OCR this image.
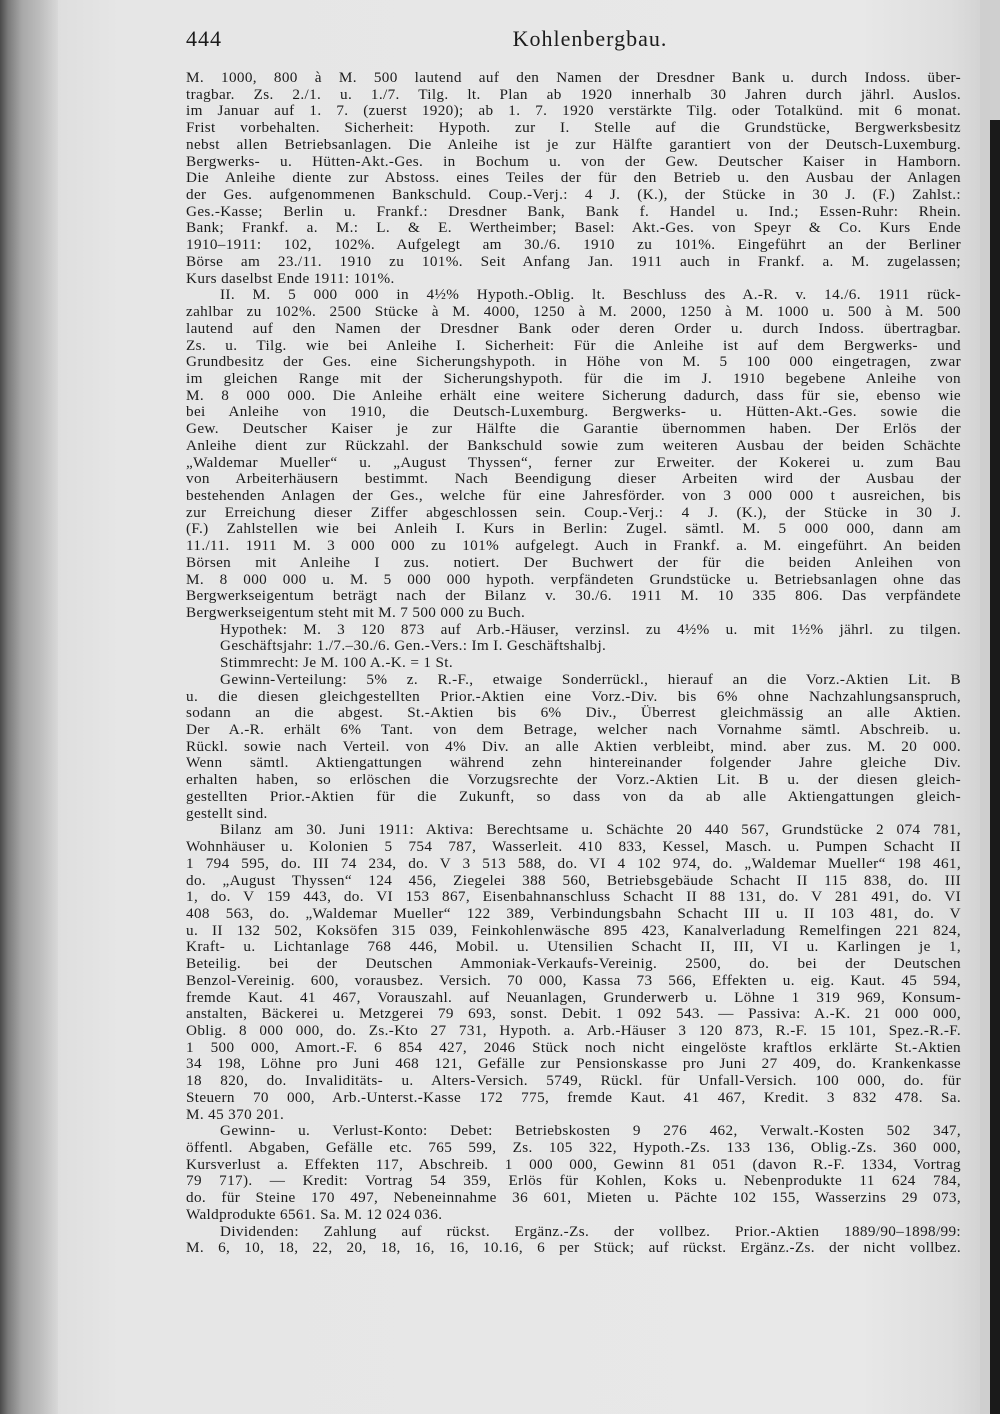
444	Kohlenbergbau.
M. 1000, 800 à M. 500 lautend auf den Namen der Dresdner Bank u. durch Indoss. über-
tragbar. Zs. 2./1. u. 1./7. Tilg. lt. Plan ab 1920 innerhalb 30 Jahren durch jährl. Auslos.
im Januar auf 1. 7. (zuerst 1920); ab 1. 7. 1920 verstärkte Tilg. oder Totalkünd. mit 6 monat.
Frist vorbehalten. Sicherheit: Hypoth. zur I. Stelle auf die Grundstücke, Bergwerksbesitz
nebst allen Betriebsanlagen. Die Anleihe ist je zur Hälfte garantiert von der Deutsch-Luxemburg.
Bergwerks- u. Hütten-Akt.-Ges. in Bochum u. von der Gew. Deutscher Kaiser in Hamborn.
Die Anleihe diente zur Abstoss. eines Teiles der für den Betrieb u. den Ausbau der Anlagen
der Ges. aufgenommenen Bankschuld. Coup.-Verj.: 4 J. (K.), der Stücke in 30 J. (F.) Zahlst.:
Ges.-Kasse; Berlin u. Frankf.: Dresdner Bank, Bank f. Handel u. Ind.; Essen-Ruhr: Rhein.
Bank; Frankf. a. M.: L. & E. Wertheimber; Basel: Akt.-Ges. von Speyr & Co. Kurs Ende
1910–1911: 102, 102%. Aufgelegt am 30./6. 1910 zu 101%. Eingeführt an der Berliner
Börse am 23./11. 1910 zu 101%. Seit Anfang Jan. 1911 auch in Frankf. a. M. zugelassen;
Kurs daselbst Ende 1911: 101%.
II. M. 5 000 000 in 4½% Hypoth.-Oblig. lt. Beschluss des A.-R. v. 14./6. 1911 rück-
zahlbar zu 102%. 2500 Stücke à M. 4000, 1250 à M. 2000, 1250 à M. 1000 u. 500 à M. 500
lautend auf den Namen der Dresdner Bank oder deren Order u. durch Indoss. übertragbar.
Zs. u. Tilg. wie bei Anleihe I. Sicherheit: Für die Anleihe ist auf dem Bergwerks- und
Grundbesitz der Ges. eine Sicherungshypoth. in Höhe von M. 5 100 000 eingetragen, zwar
im gleichen Range mit der Sicherungshypoth. für die im J. 1910 begebene Anleihe von
M. 8 000 000. Die Anleihe erhält eine weitere Sicherung dadurch, dass für sie, ebenso wie
bei Anleihe von 1910, die Deutsch-Luxemburg. Bergwerks- u. Hütten-Akt.-Ges. sowie die
Gew. Deutscher Kaiser je zur Hälfte die Garantie übernommen haben. Der Erlös der
Anleihe dient zur Rückzahl. der Bankschuld sowie zum weiteren Ausbau der beiden Schächte
„Waldemar Mueller“ u. „August Thyssen“, ferner zur Erweiter. der Kokerei u. zum Bau
von Arbeiterhäusern bestimmt. Nach Beendigung dieser Arbeiten wird der Ausbau der
bestehenden Anlagen der Ges., welche für eine Jahresförder. von 3 000 000 t ausreichen, bis
zur Erreichung dieser Ziffer abgeschlossen sein. Coup.-Verj.: 4 J. (K.), der Stücke in 30 J.
(F.) Zahlstellen wie bei Anleih I. Kurs in Berlin: Zugel. sämtl. M. 5 000 000, dann am
11./11. 1911 M. 3 000 000 zu 101% aufgelegt. Auch in Frankf. a. M. eingeführt. An beiden
Börsen mit Anleihe I zus. notiert. Der Buchwert der für die beiden Anleihen von
M. 8 000 000 u. M. 5 000 000 hypoth. verpfändeten Grundstücke u. Betriebsanlagen ohne das
Bergwerkseigentum beträgt nach der Bilanz v. 30./6. 1911 M. 10 335 806. Das verpfändete
Bergwerkseigentum steht mit M. 7 500 000 zu Buch.
Hypothek: M. 3 120 873 auf Arb.-Häuser, verzinsl. zu 4½% u. mit 1½% jährl. zu tilgen.
Geschäftsjahr: 1./7.–30./6. Gen.-Vers.: Im I. Geschäftshalbj.
Stimmrecht: Je M. 100 A.-K. = 1 St.
Gewinn-Verteilung: 5% z. R.-F., etwaige Sonderrückl., hierauf an die Vorz.-Aktien Lit. B
u. die diesen gleichgestellten Prior.-Aktien eine Vorz.-Div. bis 6% ohne Nachzahlungsanspruch,
sodann an die abgest. St.-Aktien bis 6% Div., Überrest gleichmässig an alle Aktien.
Der A.-R. erhält 6% Tant. von dem Betrage, welcher nach Vornahme sämtl. Abschreib. u.
Rückl. sowie nach Verteil. von 4% Div. an alle Aktien verbleibt, mind. aber zus. M. 20 000.
Wenn sämtl. Aktiengattungen während zehn hintereinander folgender Jahre gleiche Div.
erhalten haben, so erlöschen die Vorzugsrechte der Vorz.-Aktien Lit. B u. der diesen gleich-
gestellten Prior.-Aktien für die Zukunft, so dass von da ab alle Aktiengattungen gleich-
gestellt sind.
Bilanz am 30. Juni 1911: Aktiva: Berechtsame u. Schächte 20 440 567, Grundstücke 2 074 781,
Wohnhäuser u. Kolonien 5 754 787, Wasserleit. 410 833, Kessel, Masch. u. Pumpen Schacht II
1 794 595, do. III 74 234, do. V 3 513 588, do. VI 4 102 974, do. „Waldemar Mueller“ 198 461,
do. „August Thyssen“ 124 456, Ziegelei 388 560, Betriebsgebäude Schacht II 115 838, do. III
1, do. V 159 443, do. VI 153 867, Eisenbahnanschluss Schacht II 88 131, do. V 281 491, do. VI
408 563, do. „Waldemar Mueller“ 122 389, Verbindungsbahn Schacht III u. II 103 481, do. V
u. II 132 502, Koksöfen 315 039, Feinkohlenwäsche 895 423, Kanalverladung Remelfingen 221 824,
Kraft- u. Lichtanlage 768 446, Mobil. u. Utensilien Schacht II, III, VI u. Karlingen je 1,
Beteilig. bei der Deutschen Ammoniak-Verkaufs-Vereinig. 2500, do. bei der Deutschen
Benzol-Vereinig. 600, vorausbez. Versich. 70 000, Kassa 73 566, Effekten u. eig. Kaut. 45 594,
fremde Kaut. 41 467, Vorauszahl. auf Neuanlagen, Grunderwerb u. Löhne 1 319 969, Konsum-
anstalten, Bäckerei u. Metzgerei 79 693, sonst. Debit. 1 092 543. — Passiva: A.-K. 21 000 000,
Oblig. 8 000 000, do. Zs.-Kto 27 731, Hypoth. a. Arb.-Häuser 3 120 873, R.-F. 15 101, Spez.-R.-F.
1 500 000, Amort.-F. 6 854 427, 2046 Stück noch nicht eingelöste kraftlos erklärte St.-Aktien
34 198, Löhne pro Juni 468 121, Gefälle zur Pensionskasse pro Juni 27 409, do. Krankenkasse
18 820, do. Invaliditäts- u. Alters-Versich. 5749, Rückl. für Unfall-Versich. 100 000, do. für
Steuern 70 000, Arb.-Unterst.-Kasse 172 775, fremde Kaut. 41 467, Kredit. 3 832 478. Sa.
M. 45 370 201.
Gewinn- u. Verlust-Konto: Debet: Betriebskosten 9 276 462, Verwalt.-Kosten 502 347,
öffentl. Abgaben, Gefälle etc. 765 599, Zs. 105 322, Hypoth.-Zs. 133 136, Oblig.-Zs. 360 000,
Kursverlust a. Effekten 117, Abschreib. 1 000 000, Gewinn 81 051 (davon R.-F. 1334, Vortrag
79 717). — Kredit: Vortrag 54 359, Erlös für Kohlen, Koks u. Nebenprodukte 11 624 784,
do. für Steine 170 497, Nebeneinnahme 36 601, Mieten u. Pächte 102 155, Wasserzins 29 073,
Waldprodukte 6561. Sa. M. 12 024 036.
Dividenden: Zahlung auf rückst. Ergänz.-Zs. der vollbez. Prior.-Aktien 1889/90–1898/99:
M. 6, 10, 18, 22, 20, 18, 16, 16, 10.16, 6 per Stück; auf rückst. Ergänz.-Zs. der nicht vollbez.
